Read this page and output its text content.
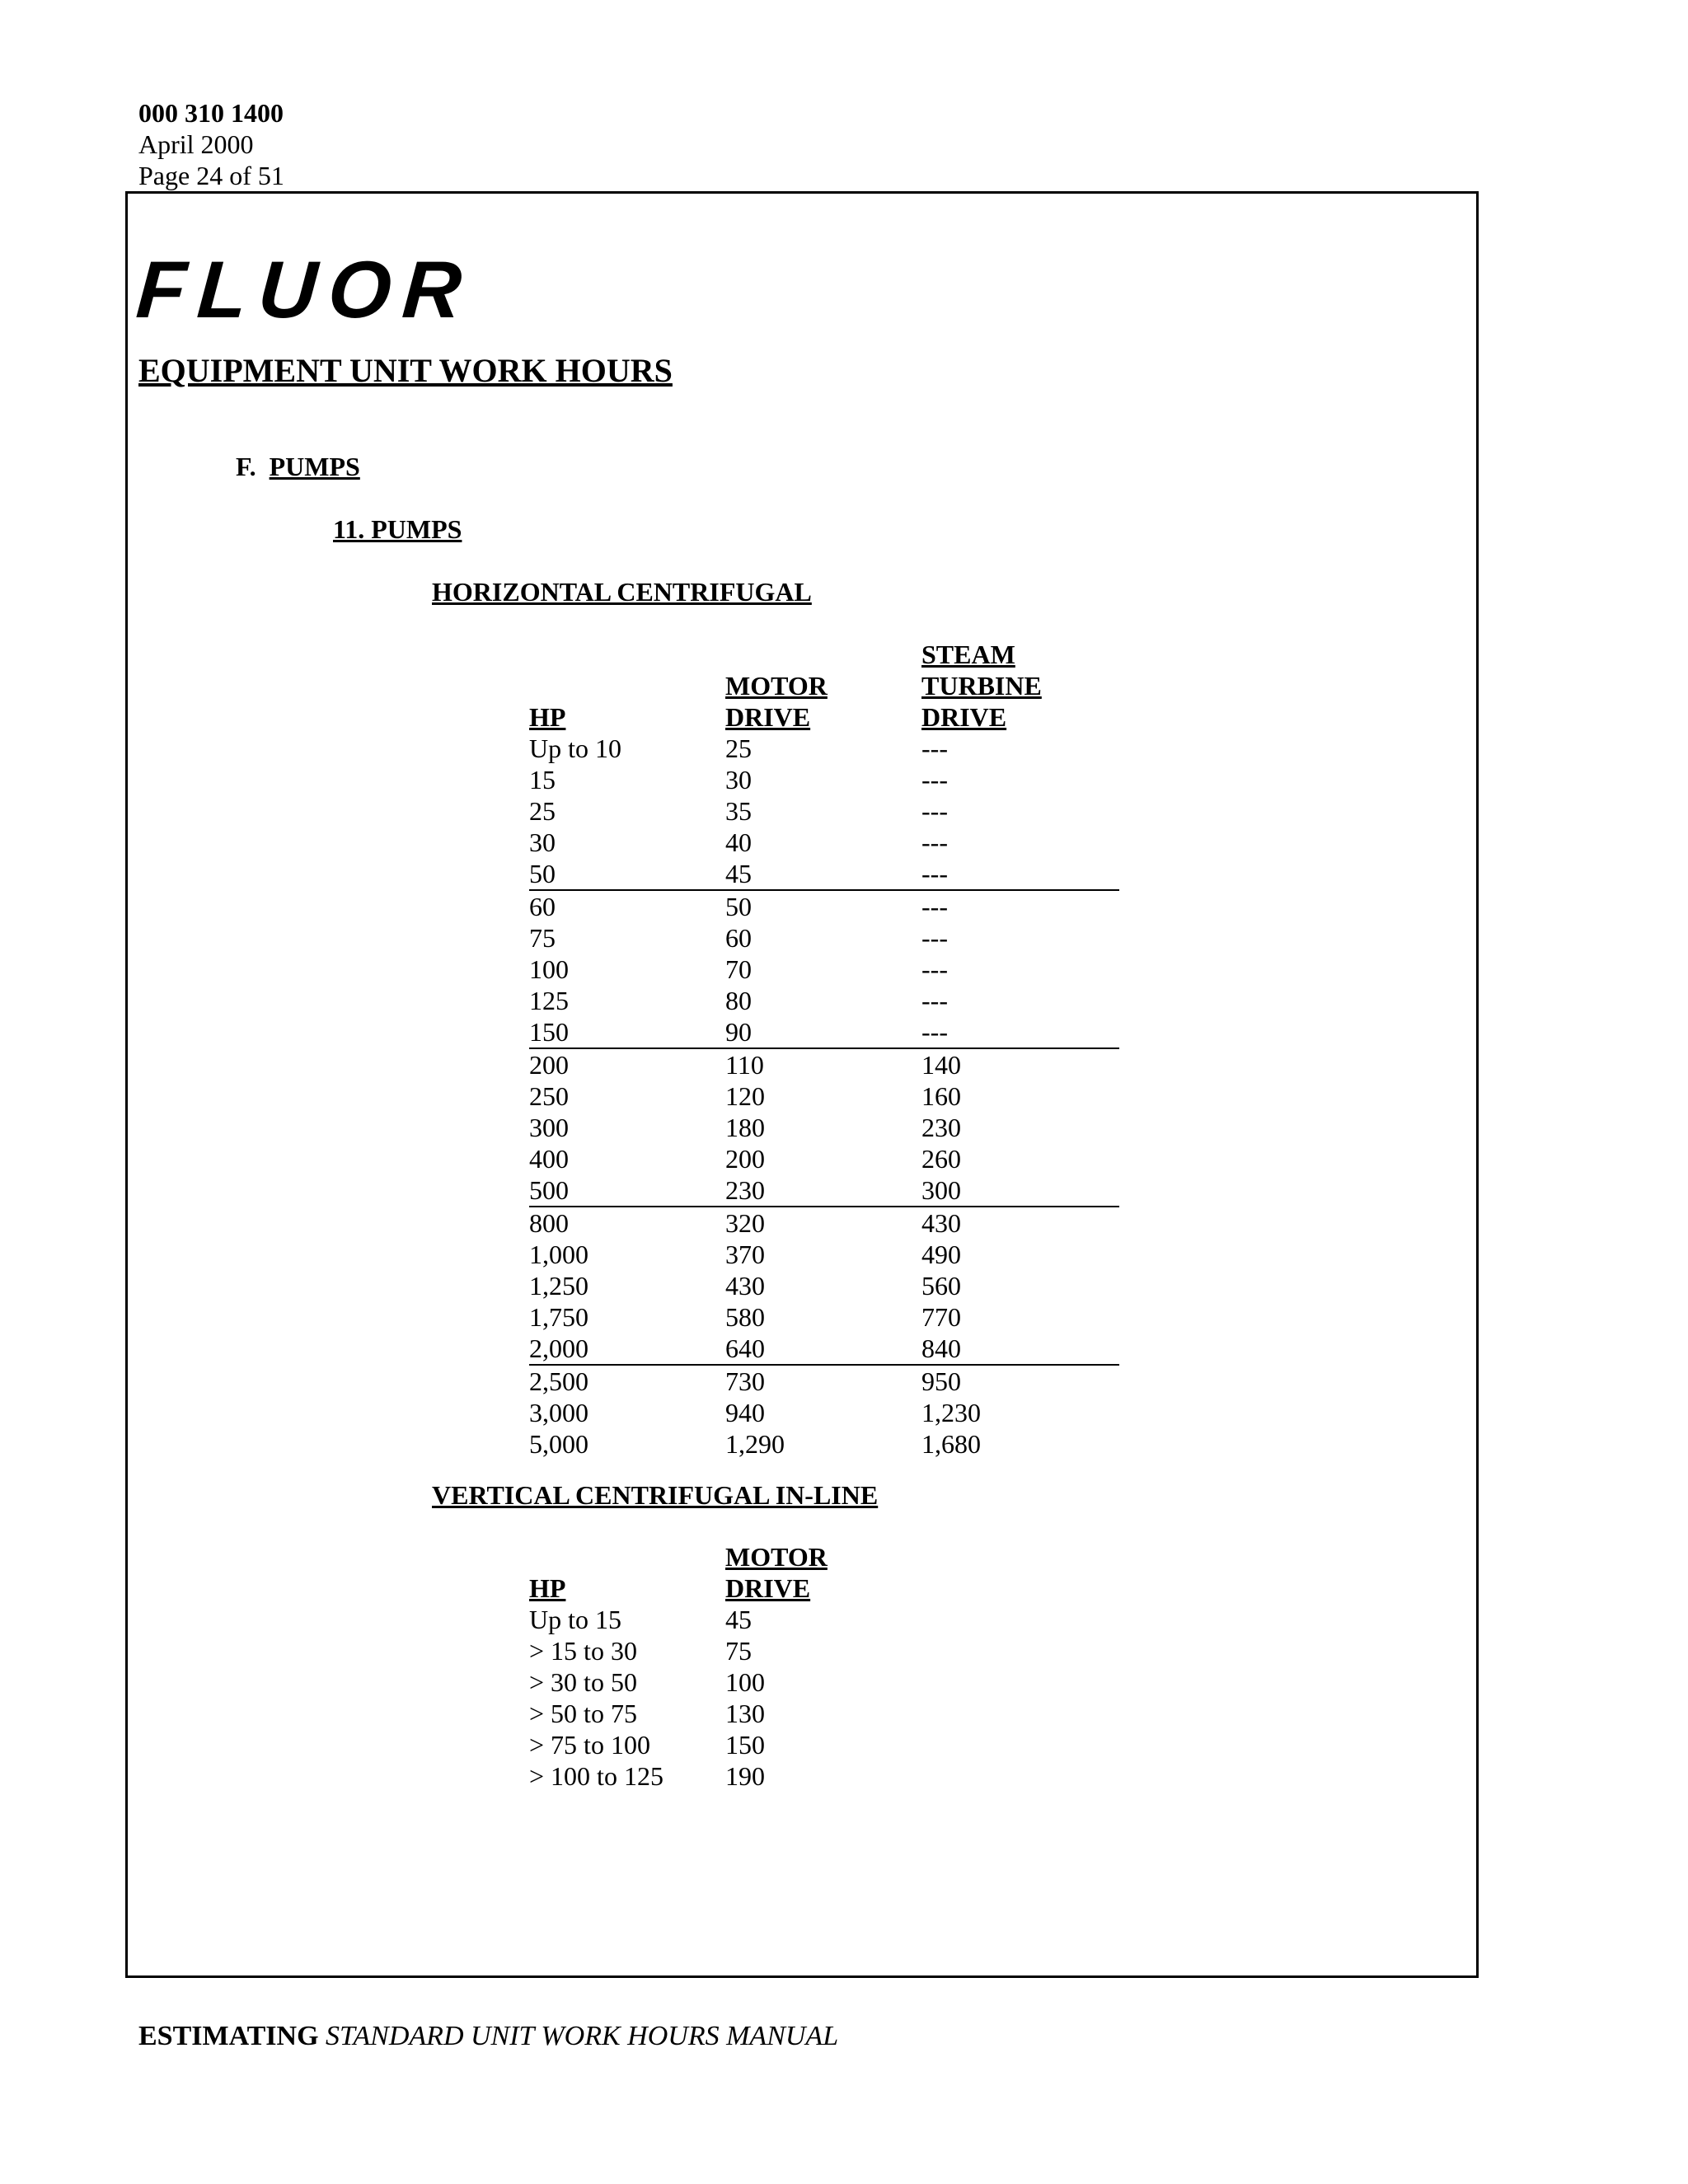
000 310 1400
April 2000
Page 24 of 51
FLUOR
EQUIPMENT UNIT WORK HOURS
F. PUMPS
11. PUMPS
HORIZONTAL CENTRIFUGAL
		STEAM
	MOTOR	TURBINE
HP	DRIVE	DRIVE
Up to 10	25	---
15	30	---
25	35	---
30	40	---
50	45	---
60	50	---
75	60	---
100	70	---
125	80	---
150	90	---
200	110	140
250	120	160
300	180	230
400	200	260
500	230	300
800	320	430
1,000	370	490
1,250	430	560
1,750	580	770
2,000	640	840
2,500	730	950
3,000	940	1,230
5,000	1,290	1,680
VERTICAL CENTRIFUGAL IN-LINE
	MOTOR
HP	DRIVE
Up to 15	45
> 15 to 30	75
> 30 to 50	100
> 50 to 75	130
> 75 to 100	150
> 100 to 125	190
ESTIMATING STANDARD UNIT WORK HOURS MANUAL
